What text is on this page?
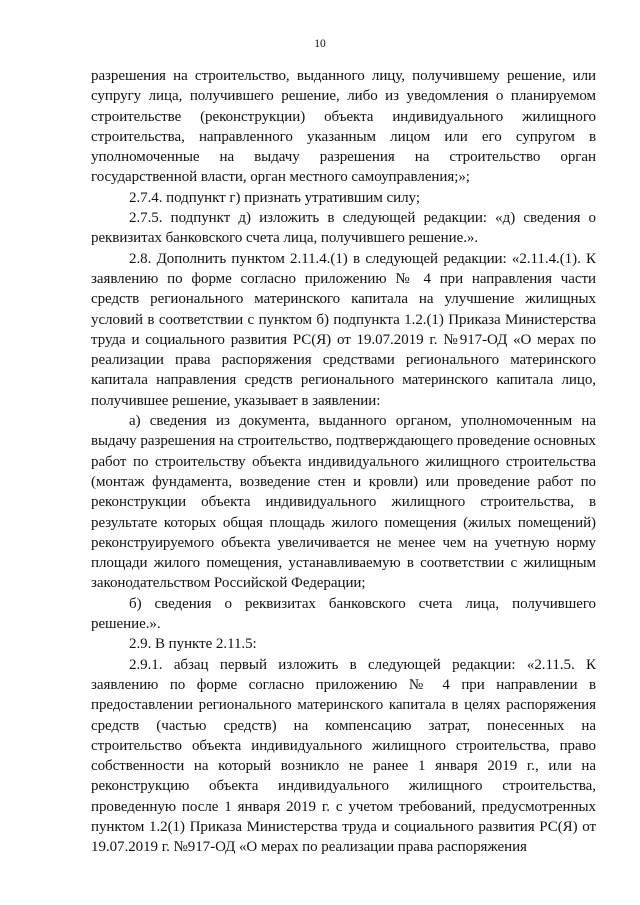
10

разрешения на строительство, выданного лицу, получившему решение, или супругу лица, получившего решение, либо из уведомления о планируемом строительстве (реконструкции) объекта индивидуального жилищного строительства, направленного указанным лицом или его супругом в уполномоченные на выдачу разрешения на строительство орган государственной власти, орган местного самоуправления;»;

2.7.4. подпункт г) признать утратившим силу;

2.7.5. подпункт д) изложить в следующей редакции: «д) сведения о реквизитах банковского счета лица, получившего решение.».

2.8. Дополнить пунктом 2.11.4.(1) в следующей редакции: «2.11.4.(1). К заявлению по форме согласно приложению № 4 при направления части средств регионального материнского капитала на улучшение жилищных условий в соответствии с пунктом б) подпункта 1.2.(1) Приказа Министерства труда и социального развития РС(Я) от 19.07.2019 г. №917-ОД «О мерах по реализации права распоряжения средствами регионального материнского капитала направления средств регионального материнского капитала лицо, получившее решение, указывает в заявлении:

а) сведения из документа, выданного органом, уполномоченным на выдачу разрешения на строительство, подтверждающего проведение основных работ по строительству объекта индивидуального жилищного строительства (монтаж фундамента, возведение стен и кровли) или проведение работ по реконструкции объекта индивидуального жилищного строительства, в результате которых общая площадь жилого помещения (жилых помещений) реконструируемого объекта увеличивается не менее чем на учетную норму площади жилого помещения, устанавливаемую в соответствии с жилищным законодательством Российской Федерации;

б) сведения о реквизитах банковского счета лица, получившего решение.».

2.9. В пункте 2.11.5:

2.9.1. абзац первый изложить в следующей редакции: «2.11.5. К заявлению по форме согласно приложению № 4 при направлении в предоставлении регионального материнского капитала в целях распоряжения средств (частью средств) на компенсацию затрат, понесенных на строительство объекта индивидуального жилищного строительства, право собственности на который возникло не ранее 1 января 2019 г., или на реконструкцию объекта индивидуального жилищного строительства, проведенную после 1 января 2019 г. с учетом требований, предусмотренных пунктом 1.2(1) Приказа Министерства труда и социального развития РС(Я) от 19.07.2019 г. №917-ОД «О мерах по реализации права распоряжения
